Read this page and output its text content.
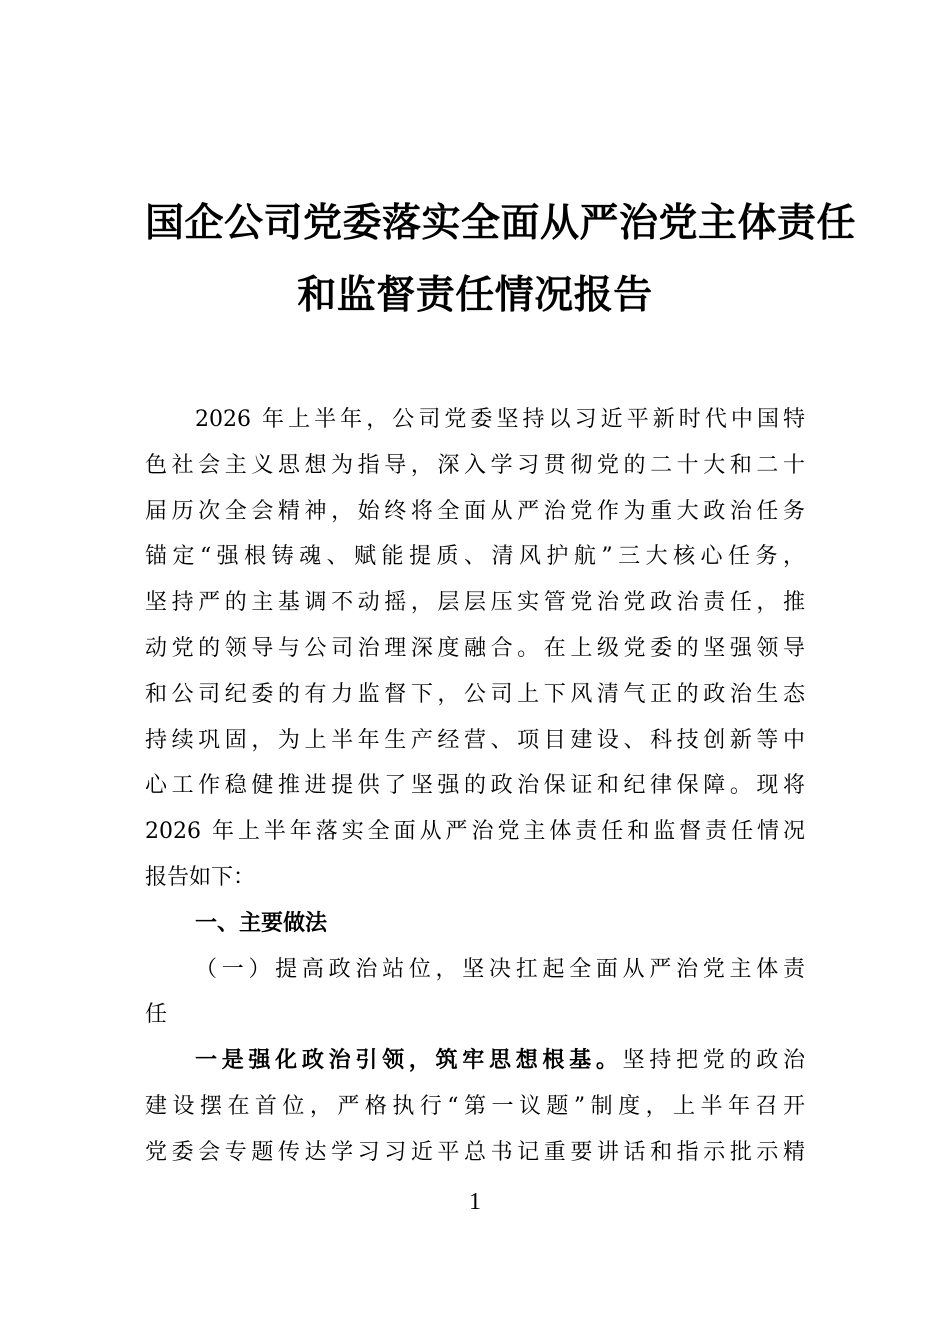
国企公司党委落实全面从严治党主体责任
和监督责任情况报告
2026 年上半年，公司党委坚持以习近平新时代中国特
色社会主义思想为指导，深入学习贯彻党的二十大和二十
届历次全会精神，始终将全面从严治党作为重大政治任务
锚定“强根铸魂、赋能提质、清风护航”三大核心任务，
坚持严的主基调不动摇，层层压实管党治党政治责任，推
动党的领导与公司治理深度融合。在上级党委的坚强领导
和公司纪委的有力监督下，公司上下风清气正的政治生态
持续巩固，为上半年生产经营、项目建设、科技创新等中
心工作稳健推进提供了坚强的政治保证和纪律保障。现将
2026 年上半年落实全面从严治党主体责任和监督责任情况
报告如下：
一、主要做法
（一）提高政治站位，坚决扛起全面从严治党主体责
任
一是强化政治引领，筑牢思想根基。坚持把党的政治
建设摆在首位，严格执行“第一议题”制度，上半年召开
党委会专题传达学习习近平总书记重要讲话和指示批示精
1
